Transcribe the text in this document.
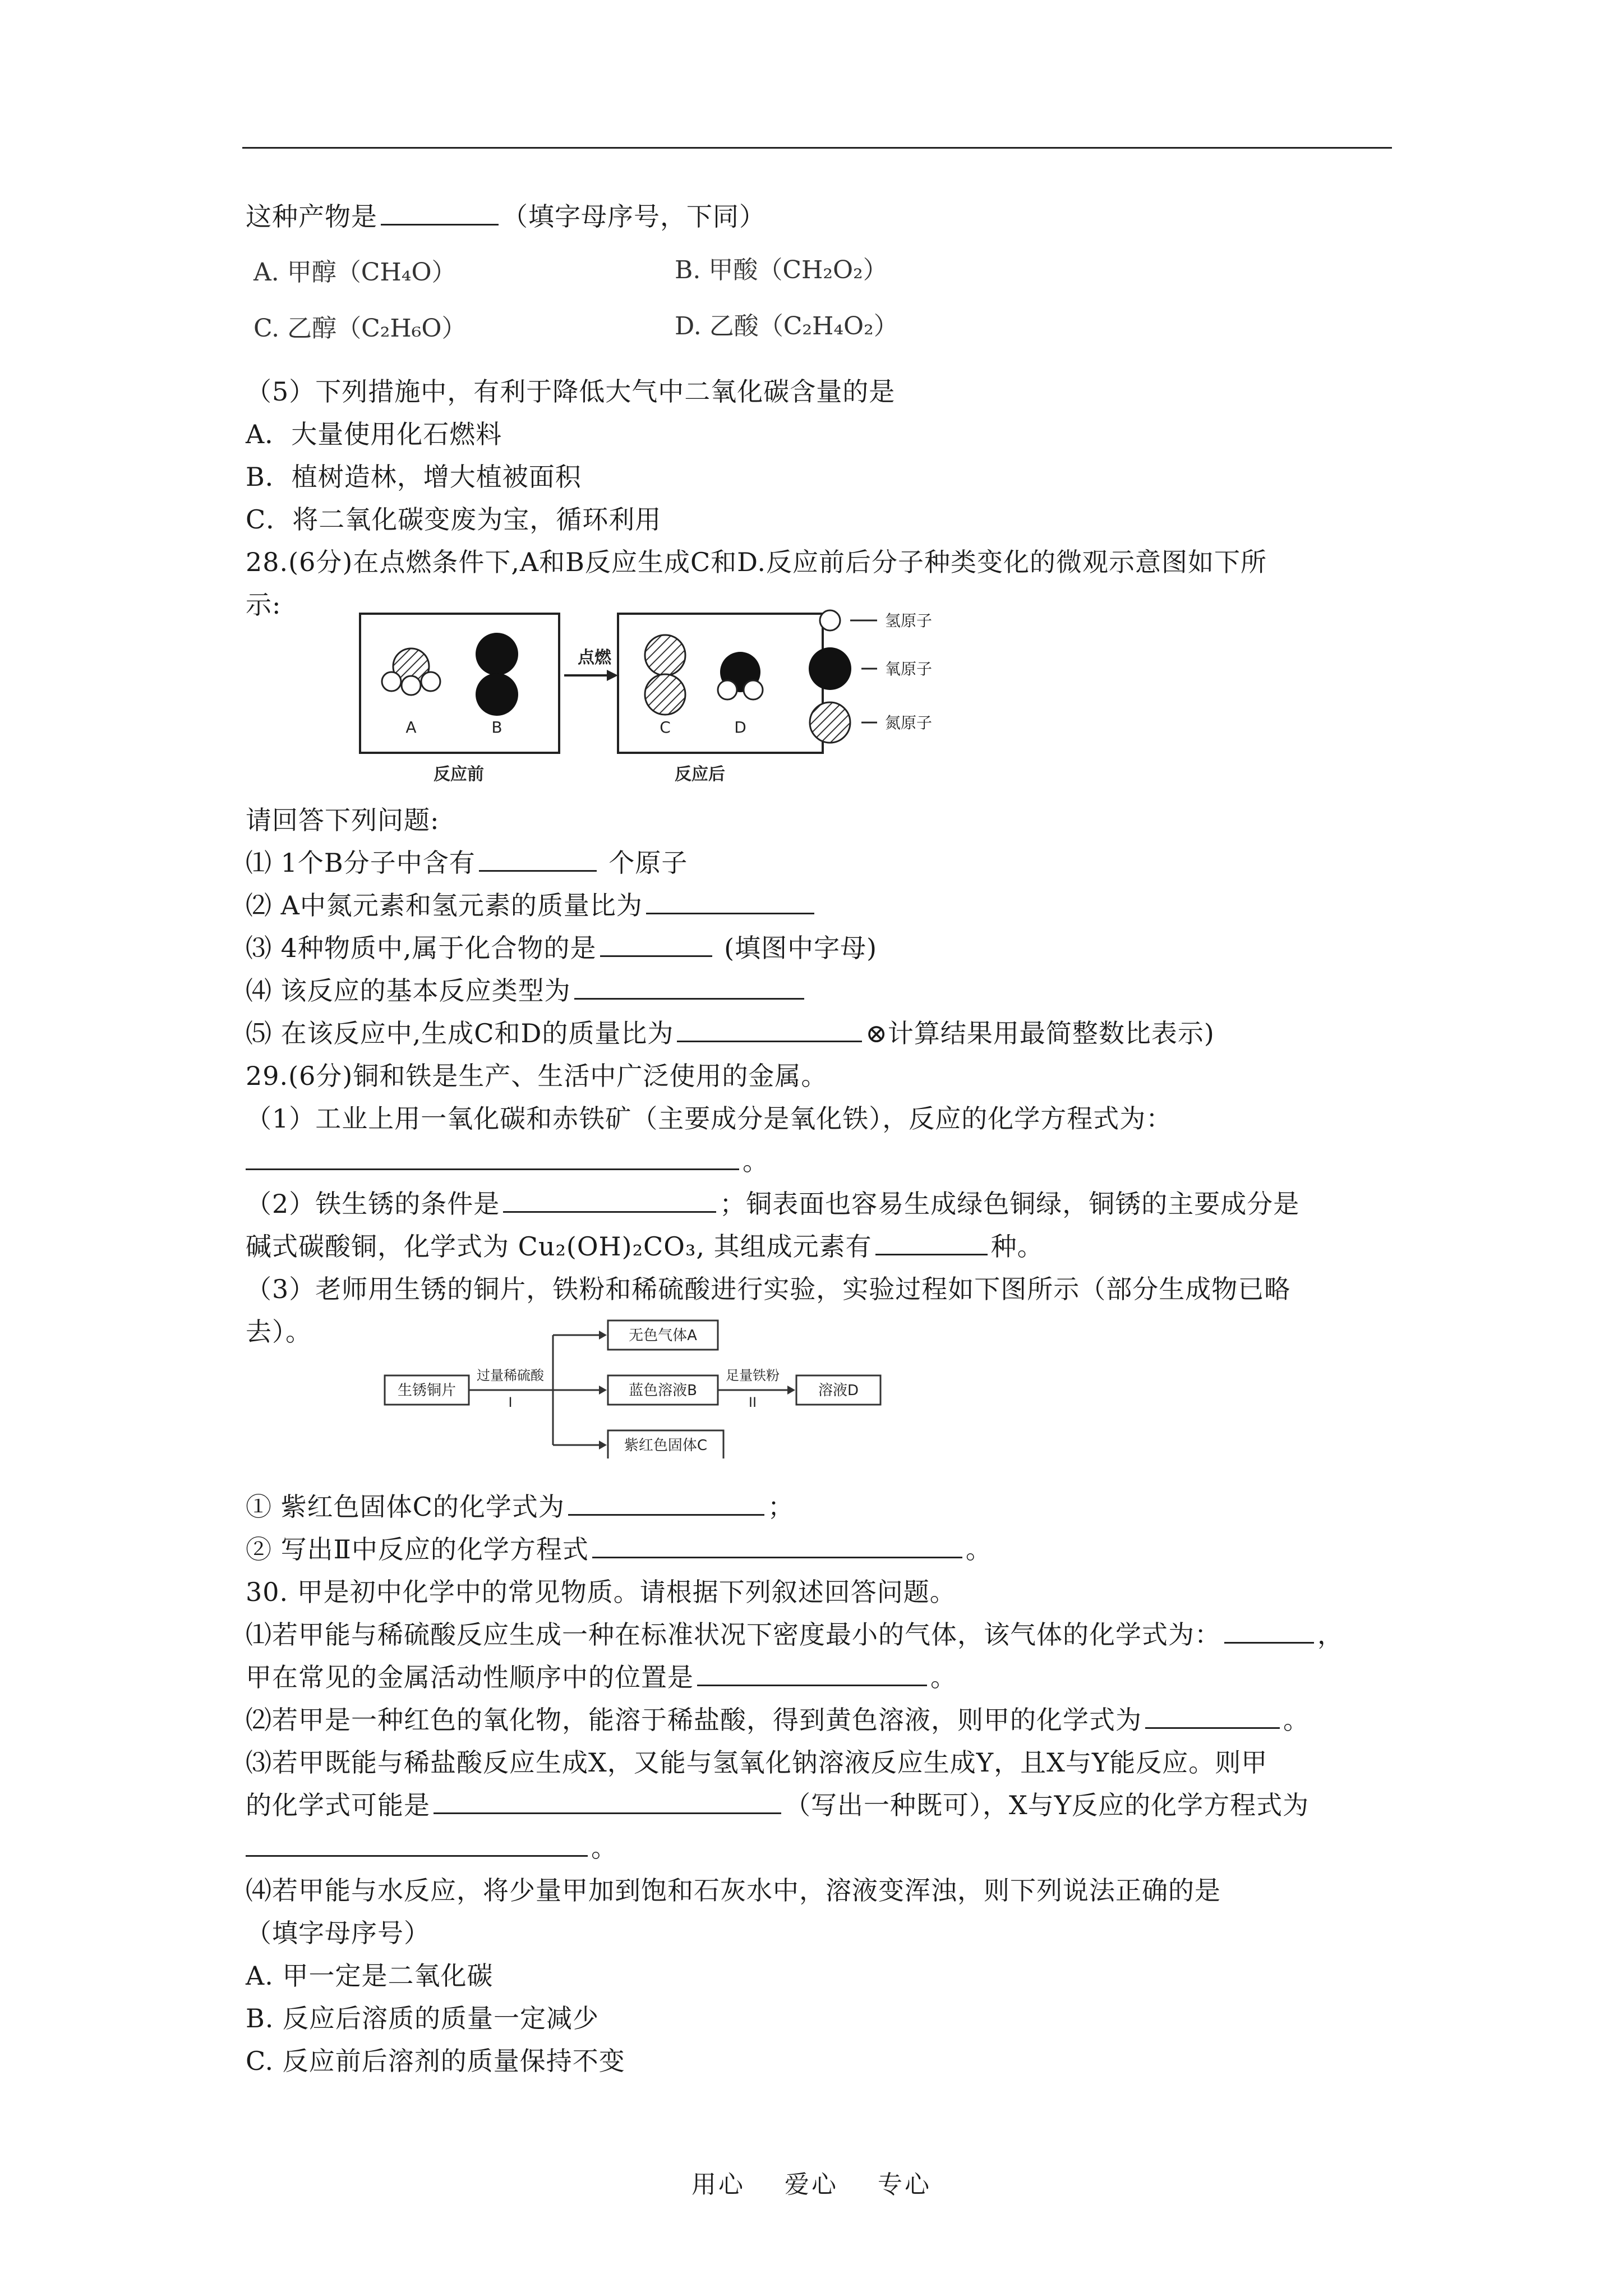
这种产物是	（填字母序号，下同）
A. 甲醇（CH₄O）	B. 甲酸（CH₂O₂）
C. 乙醇（C₂H₆O）	D. 乙酸（C₂H₄O₂）
（5）下列措施中，有利于降低大气中二氧化碳含量的是
A．大量使用化石燃料
B．植树造林，增大植被面积
C．将二氧化碳变废为宝，循环利用
28.(6分)在点燃条件下,A和B反应生成C和D.反应前后分子种类变化的微观示意图如下所
示:
A	B
反应前
点燃
C	D
反应后
氢原子
氧原子
氮原子
请回答下列问题:
⑴ 1个B分子中含有	个原子
⑵ A中氮元素和氢元素的质量比为
⑶ 4种物质中,属于化合物的是	(填图中字母)
⑷ 该反应的基本反应类型为
⑸ 在该反应中,生成C和D的质量比为	⊗计算结果用最简整数比表示)
29.(6分)铜和铁是生产、生活中广泛使用的金属。
（1）工业上用一氧化碳和赤铁矿（主要成分是氧化铁），反应的化学方程式为：
。
（2）铁生锈的条件是	；铜表面也容易生成绿色铜绿，铜锈的主要成分是
碱式碳酸铜，化学式为 Cu₂(OH)₂CO₃, 其组成元素有	种。
（3）老师用生锈的铜片，铁粉和稀硫酸进行实验，实验过程如下图所示（部分生成物已略
去）。
生锈铜片
过量稀硫酸
I
无色气体A
蓝色溶液B
紫红色固体C
足量铁粉
II
溶液D
① 紫红色固体C的化学式为	；
② 写出Ⅱ中反应的化学方程式	。
30. 甲是初中化学中的常见物质。请根据下列叙述回答问题。
⑴若甲能与稀硫酸反应生成一种在标准状况下密度最小的气体，该气体的化学式为：	，
甲在常见的金属活动性顺序中的位置是	。
⑵若甲是一种红色的氧化物，能溶于稀盐酸，得到黄色溶液，则甲的化学式为	。
⑶若甲既能与稀盐酸反应生成X，又能与氢氧化钠溶液反应生成Y，且X与Y能反应。则甲
的化学式可能是	（写出一种既可），X与Y反应的化学方程式为
。
⑷若甲能与水反应，将少量甲加到饱和石灰水中，溶液变浑浊，则下列说法正确的是
（填字母序号）
A. 甲一定是二氧化碳
B. 反应后溶质的质量一定减少
C. 反应前后溶剂的质量保持不变
用心 爱心 专心
